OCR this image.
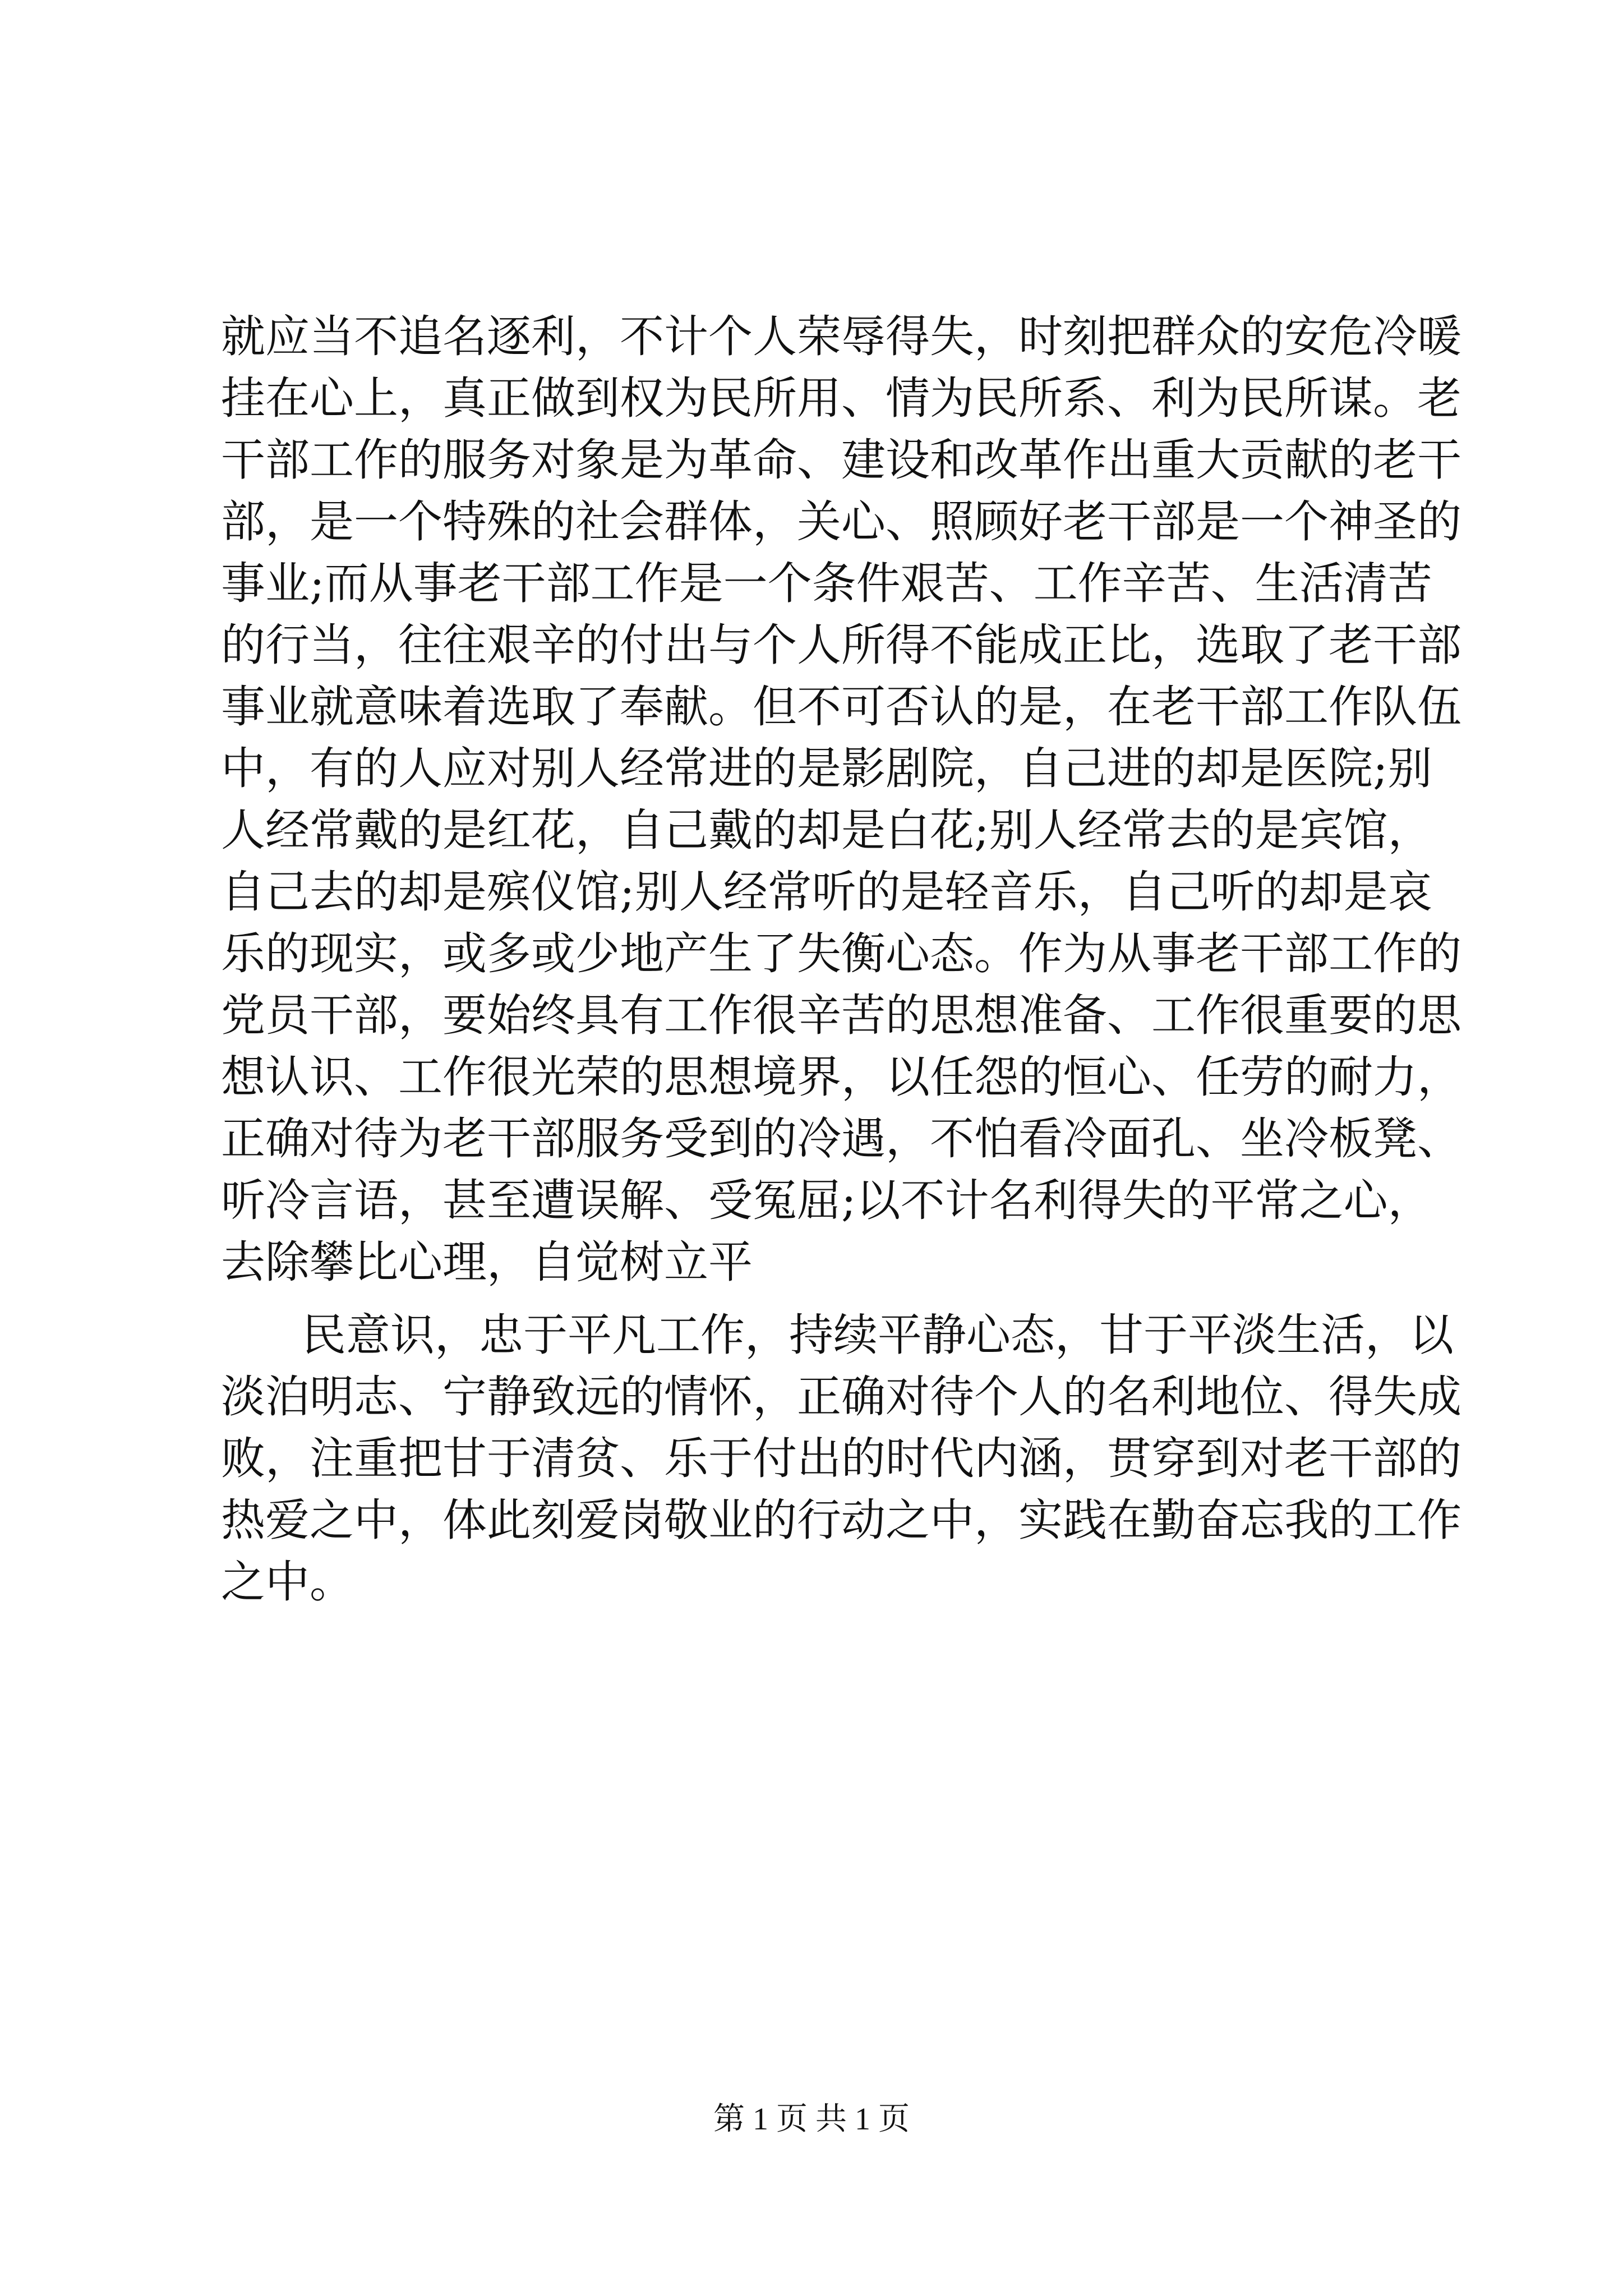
就应当不追名逐利，不计个人荣辱得失，时刻把群众的安危冷暖
挂在心上，真正做到权为民所用、情为民所系、利为民所谋。老
干部工作的服务对象是为革命、建设和改革作出重大贡献的老干
部，是一个特殊的社会群体，关心、照顾好老干部是一个神圣的
事业;而从事老干部工作是一个条件艰苦、工作辛苦、生活清苦
的行当，往往艰辛的付出与个人所得不能成正比，选取了老干部
事业就意味着选取了奉献。但不可否认的是，在老干部工作队伍
中，有的人应对别人经常进的是影剧院，自己进的却是医院;别
人经常戴的是红花，自己戴的却是白花;别人经常去的是宾馆，
自己去的却是殡仪馆;别人经常听的是轻音乐，自己听的却是哀
乐的现实，或多或少地产生了失衡心态。作为从事老干部工作的
党员干部，要始终具有工作很辛苦的思想准备、工作很重要的思
想认识、工作很光荣的思想境界，以任怨的恒心、任劳的耐力，
正确对待为老干部服务受到的冷遇，不怕看冷面孔、坐冷板凳、
听冷言语，甚至遭误解、受冤屈;以不计名利得失的平常之心，
去除攀比心理，自觉树立平
民意识，忠于平凡工作，持续平静心态，甘于平淡生活，以
淡泊明志、宁静致远的情怀，正确对待个人的名利地位、得失成
败，注重把甘于清贫、乐于付出的时代内涵，贯穿到对老干部的
热爱之中，体此刻爱岗敬业的行动之中，实践在勤奋忘我的工作
之中。
第 1 页 共 1 页
